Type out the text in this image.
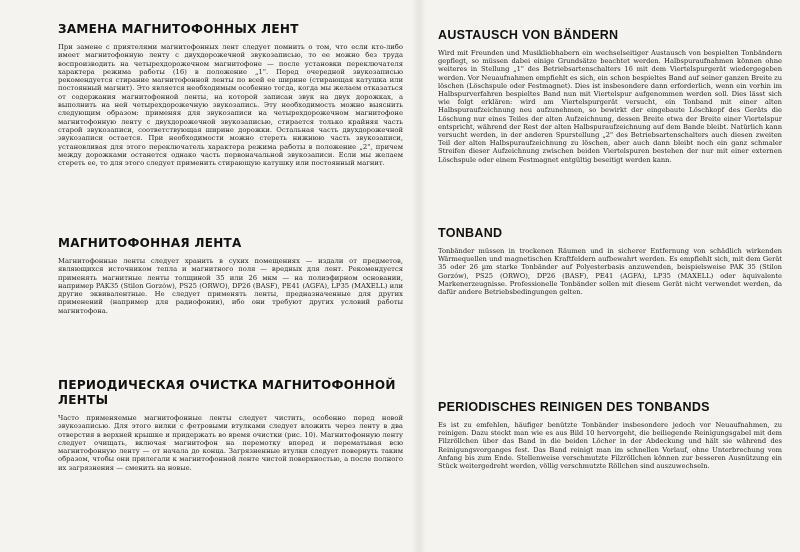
ЗАМЕНА МАГНИТОФОННЫХ ЛЕНТ

При замене с приятелями магнитофонных лент следует помнить о том, что если кто-либо имеет магнитофонную ленту с двухдорожечной звукозаписью, то ее можно без труда воспроизводить на четырехдорожечном магнитофоне — после установки переключателя характера режима работы (16) в положение „1". Перед очередной звукозаписью рекомендуется стирание магнитофонной ленты по всей ее ширине (стирающая катушка или постоянный магнит). Это является необходимым особенно тогда, когда мы желаем отказаться от содержания магнитофонной ленты, на которой записан звук на двух дорожках, а выполнить на ней четырехдорожечную звукозапись. Эту необходимость можно выяснить следующим образом: применяя для звукозаписи на четырехдорожечном магнитофоне магнитофонную ленту с двухдорожечной звукозаписью, стирается только крайняя часть старой звукозаписи, соответствующая ширине дорожки. Остальная часть двухдорожечной звукозаписи остается. При необходимости можно стереть нижнюю часть звукозаписи, установливая для этого переключатель характера режима работы в положение „2", причем между дорожками останется однако часть первоначальной звукозаписи. Если мы желаем стереть ее, то для этого следует применить стирающую катушку или постоянный магнит.

МАГНИТОФОННАЯ ЛЕНТА

Магнитофонные ленты следует хранить в сухих помещениях — издали от предметов, являющихся источником тепла и магнитного поля — вредных для лент. Рекомендуется применять магнитные ленты толщиной 35 или 26 мкм — на полиэфирном основании, например PAK35 (Stilon Gorzów), PS25 (ORWO), DP26 (BASF), PE41 (AGFA), LP35 (MAXELL) или другие эквивалентные. Не следует применять ленты, предназначенные для других применений (например для радиофонии), ибо они требуют других условий работы магнитофона.

ПЕРИОДИЧЕСКАЯ ОЧИСТКА МАГНИТОФОННОЙ ЛЕНТЫ

Часто применяемые магнитофонные ленты следует чистить, особенно перед новой звукозаписью. Для этого вилки с фетровыми втулками следует вложить через ленту в два отверстия в верхней крышке и придержать во время очистки (рис. 10). Магнитофонную ленту следует очищать, включая магнитофон на перемотку вперед и перематывая всю магнитофонную ленту — от начала до конца. Загрязненные втулки следует повернуть таким образом, чтобы они прилегали к магнитофонной ленте чистой поверхностью, а после полного их загрязнения — сменить на новые.

AUSTAUSCH VON BÄNDERN

Wird mit Freunden und Musikliebhabern ein wechselseitiger Austausch von bespielten Tonbändern gepflegt, so müssen dabei einige Grundsätze beachtet werden. Halbspuraufnahmen können ohne weiteres in Stellung „1" des Betriebsartenschalters 16 mit dem Viertelspurgerät wiedergegeben werden. Vor Neuaufnahmen empfiehlt es sich, ein schon bespieltes Band auf seiner ganzen Breite zu löschen (Löschspule oder Festmagnet). Dies ist insbesondere dann erforderlich, wenn ein vorhin im Halbspurverfahren bespieltes Band nun mit Viertelspur aufgenommen werden soll. Dies lässt sich wie folgt erklären: wird am Viertelspurgerät versucht, ein Tonband mit einer alten Halbspuraufzeichnung neu aufzunehmen, so bewirkt der eingebaute Löschkopf des Geräts die Löschung nur eines Teiles der alten Aufzeichnung, dessen Breite etwa der Breite einer Viertelspur entspricht, während der Rest der alten Halbspuraufzeichnung auf dem Bande bleibt. Natürlich kann versucht werden, in der anderen Spurstellung „2" des Betriebsartenschalters auch diesen zweiten Teil der alten Halbspuraufzeichnung zu löschen, aber auch dann bleibt noch ein ganz schmaler Streifen dieser Aufzeichnung zwischen beiden Viertelspuren bestehen der nur mit einer externen Löschspule oder einem Festmagnet entgültig beseitigt werden kann.

TONBAND

Tonbänder müssen in trockenen Räumen und in sicherer Entfernung von schädlich wirkenden Wärmequellen und magnetischen Kraftfeldern aufbewahrt werden. Es empfiehlt sich, mit dem Gerät 35 oder 26 µm starke Tonbänder auf Polyesterbasis anzuwenden, beispielsweise PAK 35 (Stilon Gorzów), PS25 (ORWO), DP26 (BASF), PE41 (AGFA), LP35 (MAXELL) oder äquivalente Markenerzeugnisse. Professionelle Tonbänder sollen mit diesem Gerät nicht verwendet werden, da dafür andere Betriebsbedingungen gelten.

PERIODISCHES REINIGEN DES TONBANDS

Es ist zu emfehlen, häufiger benützte Tonbänder insbesondere jedoch vor Neuaufnahmen, zu reinigen. Dazu steckt man wie es aus Bild 10 hervorgeht, die beiliegende Reinigungsgabel mit dem Filzröllchen über das Band in die beiden Löcher in der Abdeckung und hält sie während des Reinigungsvorganges fest. Das Band reinigt man im schnellen Vorlauf, ohne Unterbrechung vom Anfang bis zum Ende. Stellenweise verschmutzte Filzröllchen können zur besseren Ausnützung ein Stück weitergedreht werden, völlig verschmutzte Röllchen sind auszuwechseln.
